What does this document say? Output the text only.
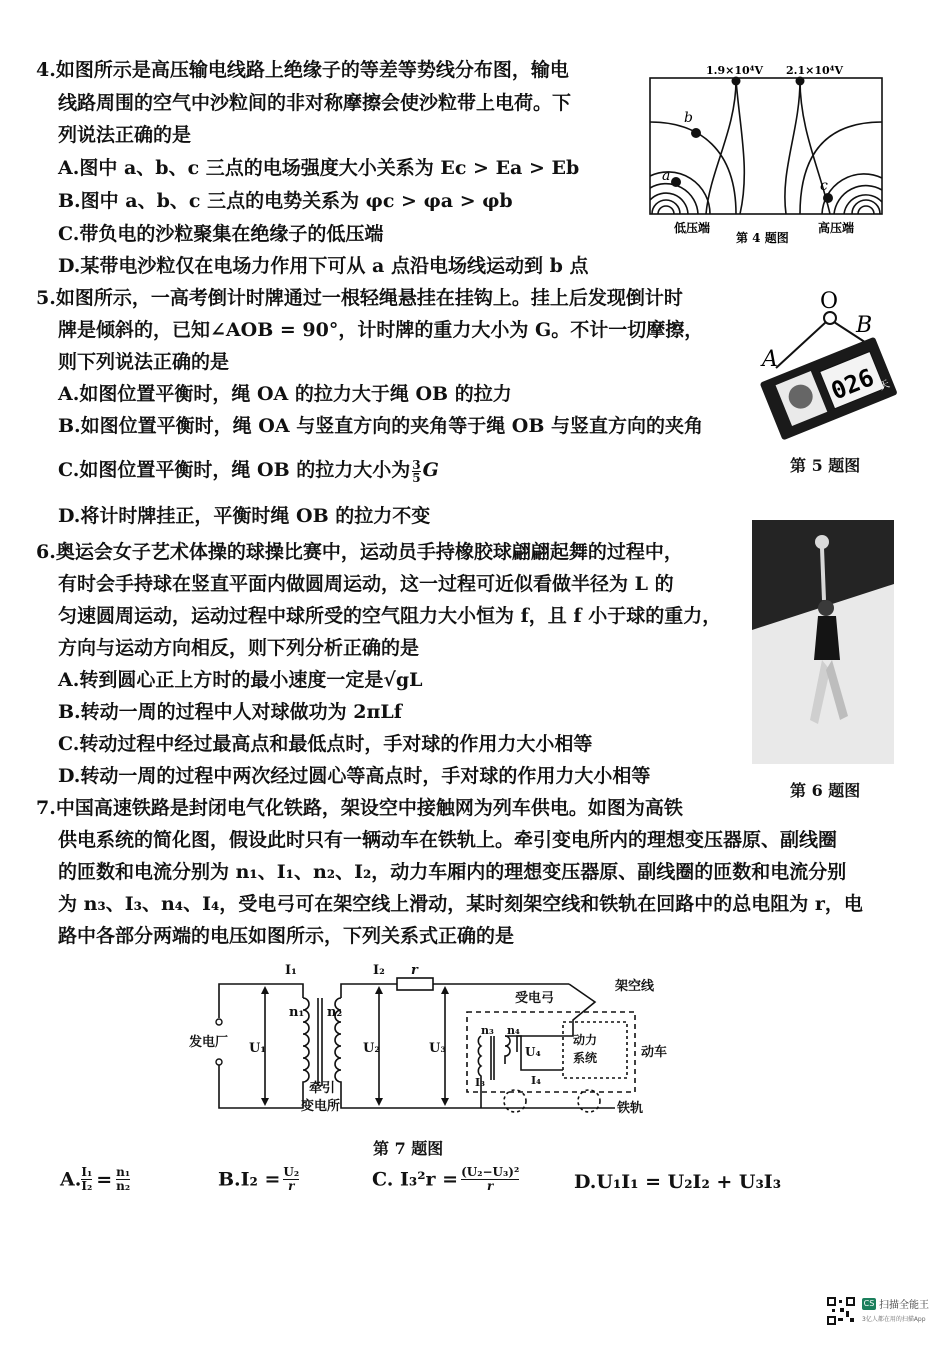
4.如图所示是高压输电线路上绝缘子的等差等势线分布图，输电
线路周围的空气中沙粒间的非对称摩擦会使沙粒带上电荷。下
列说法正确的是
A.图中 a、b、c 三点的电场强度大小关系为 Ec > Ea > Eb
B.图中 a、b、c 三点的电势关系为 φc > φa > φb
C.带负电的沙粒聚集在绝缘子的低压端
D.某带电沙粒仅在电场力作用下可从 a 点沿电场线运动到 b 点
1.9×10⁴V 2.1×10⁴V
b
a
c
低压端
第 4 题图
高压端
5.如图所示，一高考倒计时牌通过一根轻绳悬挂在挂钩上。挂上后发现倒计时
牌是倾斜的，已知∠AOB = 90°，计时牌的重力大小为 G。不计一切摩擦，
则下列说法正确的是
A.如图位置平衡时，绳 OA 的拉力大于绳 OB 的拉力
B.如图位置平衡时，绳 OA 与竖直方向的夹角等于绳 OB 与竖直方向的夹角
C.如图位置平衡时，绳 OB 的拉力大小为 $\frac{3}{5}$ G
D.将计时牌挂正，平衡时绳 OB 的拉力不变
O
B
A
026 天
第 5 题图
6.奥运会女子艺术体操的球操比赛中，运动员手持橡胶球翩翩起舞的过程中，
有时会手持球在竖直平面内做圆周运动，这一过程可近似看做半径为 L 的
匀速圆周运动，运动过程中球所受的空气阻力大小恒为 f，且 f 小于球的重力，
方向与运动方向相反，则下列分析正确的是
A.转到圆心正上方时的最小速度一定是√gL
B.转动一周的过程中人对球做功为 2πLf
C.转动过程中经过最高点和最低点时，手对球的作用力大小相等
D.转动一周的过程中两次经过圆心等高点时，手对球的作用力大小相等
第 6 题图
7.中国高速铁路是封闭电气化铁路，架设空中接触网为列车供电。如图为高铁
供电系统的简化图，假设此时只有一辆动车在铁轨上。牵引变电所内的理想变压器原、副线圈
的匝数和电流分别为 n₁、I₁、n₂、I₂，动力车厢内的理想变压器原、副线圈的匝数和电流分别
为 n₃、I₃、n₄、I₄，受电弓可在架空线上滑动，某时刻架空线和铁轨在回路中的总电阻为 r，电
路中各部分两端的电压如图所示，下列关系式正确的是
发电厂 U₁
I₁
n₁ n₂
U₂
I₂ r
U₃
牵引
变电所
架空线
受电弓
n₃ n₄
U₄
I₃	I₄
动力
系统	动车
铁轨
第 7 题图
A. $\frac{\text{I₁}}{\text{I₂}} = \frac{\text{n₁}}{\text{n₂}}$	$B.I_2 = \frac{\text{U₂}}{r}$	C. $I_3^2r = \frac{\text{(U₂−U₃)²}}{r}$	D.U₁I₁ = U₂I₂ + U₃I₃
CS 扫描全能王
3亿人都在用的扫描App
